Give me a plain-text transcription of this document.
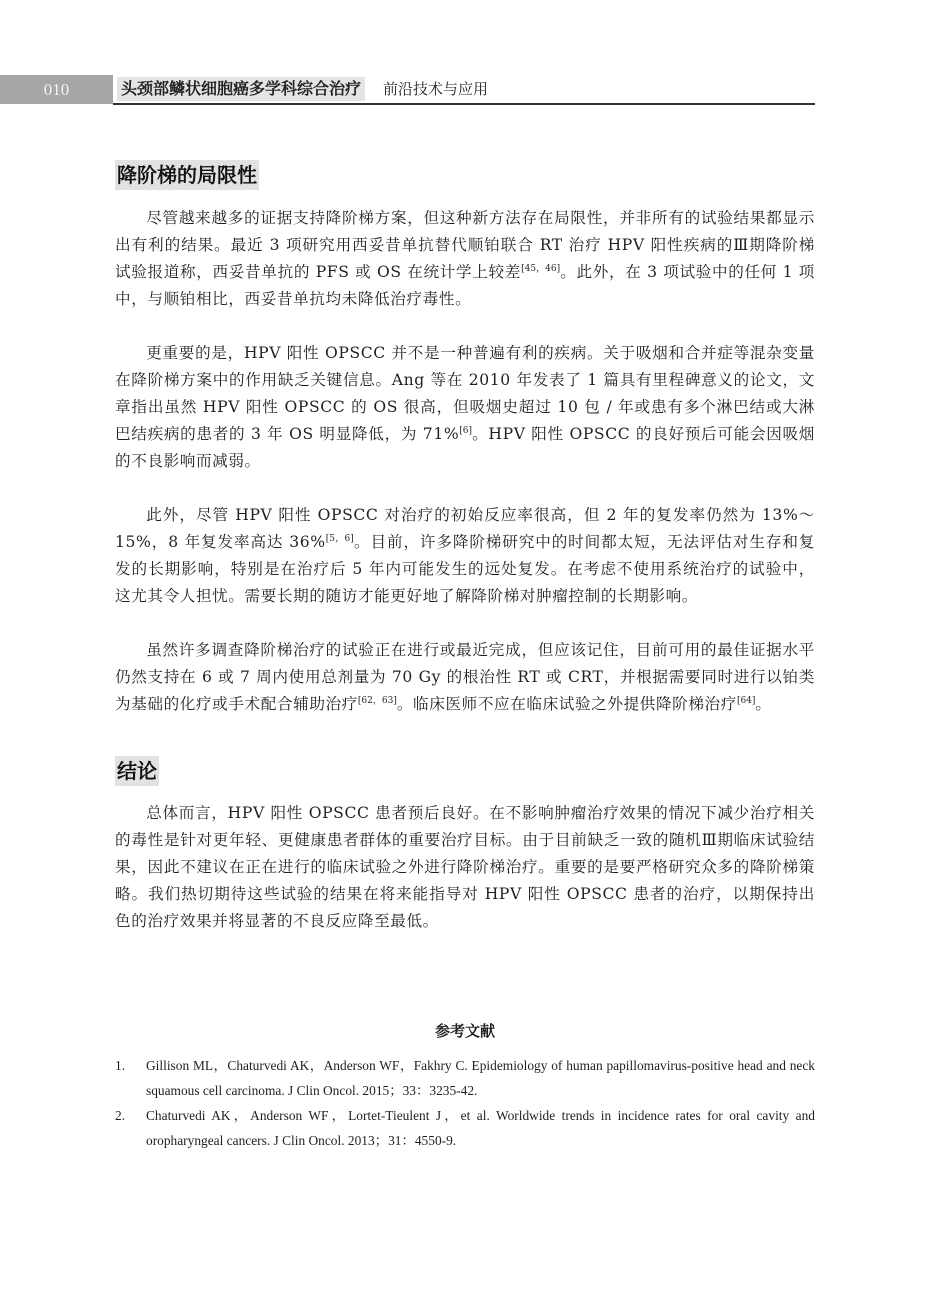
010	头颈部鳞状细胞癌多学科综合治疗 前沿技术与应用
降阶梯的局限性

尽管越来越多的证据支持降阶梯方案，但这种新方法存在局限性，并非所有的试验结果都显示出有利的结果。最近 3 项研究用西妥昔单抗替代顺铂联合 RT 治疗 HPV 阳性疾病的Ⅲ期降阶梯试验报道称，西妥昔单抗的 PFS 或 OS 在统计学上较差[45，46]。此外，在 3 项试验中的任何 1 项中，与顺铂相比，西妥昔单抗均未降低治疗毒性。

更重要的是，HPV 阳性 OPSCC 并不是一种普遍有利的疾病。关于吸烟和合并症等混杂变量在降阶梯方案中的作用缺乏关键信息。Ang 等在 2010 年发表了 1 篇具有里程碑意义的论文，文章指出虽然 HPV 阳性 OPSCC 的 OS 很高，但吸烟史超过 10 包 / 年或患有多个淋巴结或大淋巴结疾病的患者的 3 年 OS 明显降低，为 71%[6]。HPV 阳性 OPSCC 的良好预后可能会因吸烟的不良影响而减弱。

此外，尽管 HPV 阳性 OPSCC 对治疗的初始反应率很高，但 2 年的复发率仍然为 13%～15%，8 年复发率高达 36%[5，6]。目前，许多降阶梯研究中的时间都太短，无法评估对生存和复发的长期影响，特别是在治疗后 5 年内可能发生的远处复发。在考虑不使用系统治疗的试验中，这尤其令人担忧。需要长期的随访才能更好地了解降阶梯对肿瘤控制的长期影响。

虽然许多调查降阶梯治疗的试验正在进行或最近完成，但应该记住，目前可用的最佳证据水平仍然支持在 6 或 7 周内使用总剂量为 70 Gy 的根治性 RT 或 CRT，并根据需要同时进行以铂类为基础的化疗或手术配合辅助治疗[62，63]。临床医师不应在临床试验之外提供降阶梯治疗[64]。

结论

总体而言，HPV 阳性 OPSCC 患者预后良好。在不影响肿瘤治疗效果的情况下减少治疗相关的毒性是针对更年轻、更健康患者群体的重要治疗目标。由于目前缺乏一致的随机Ⅲ期临床试验结果，因此不建议在正在进行的临床试验之外进行降阶梯治疗。重要的是要严格研究众多的降阶梯策略。我们热切期待这些试验的结果在将来能指导对 HPV 阳性 OPSCC 患者的治疗，以期保持出色的治疗效果并将显著的不良反应降至最低。

参考文献
1. Gillison ML，Chaturvedi AK，Anderson WF，Fakhry C. Epidemiology of human papillomavirus-positive head and neck squamous cell carcinoma. J Clin Oncol. 2015；33：3235-42.
2. Chaturvedi AK，Anderson WF，Lortet-Tieulent J，et al. Worldwide trends in incidence rates for oral cavity and oropharyngeal cancers. J Clin Oncol. 2013；31：4550-9.
